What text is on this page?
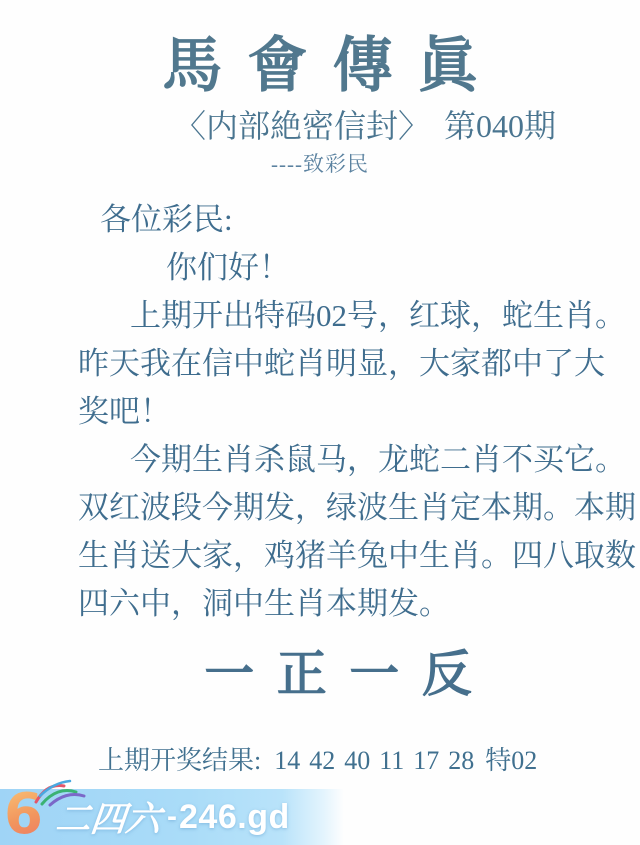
馬會傳眞
〈内部絶密信封〉 第040期
----致彩民
各位彩民:
你们好！
上期开出特码02号，红球，蛇生肖。
昨天我在信中蛇肖明显，大家都中了大
奖吧！
今期生肖杀鼠马，龙蛇二肖不买它。
双红波段今期发，绿波生肖定本期。本期
生肖送大家，鸡猪羊兔中生肖。四八取数
四六中，洞中生肖本期发。
一正一反
上期开奖结果: 14 42 40 11 17 28 特02
6 二四六 - 246.gd
